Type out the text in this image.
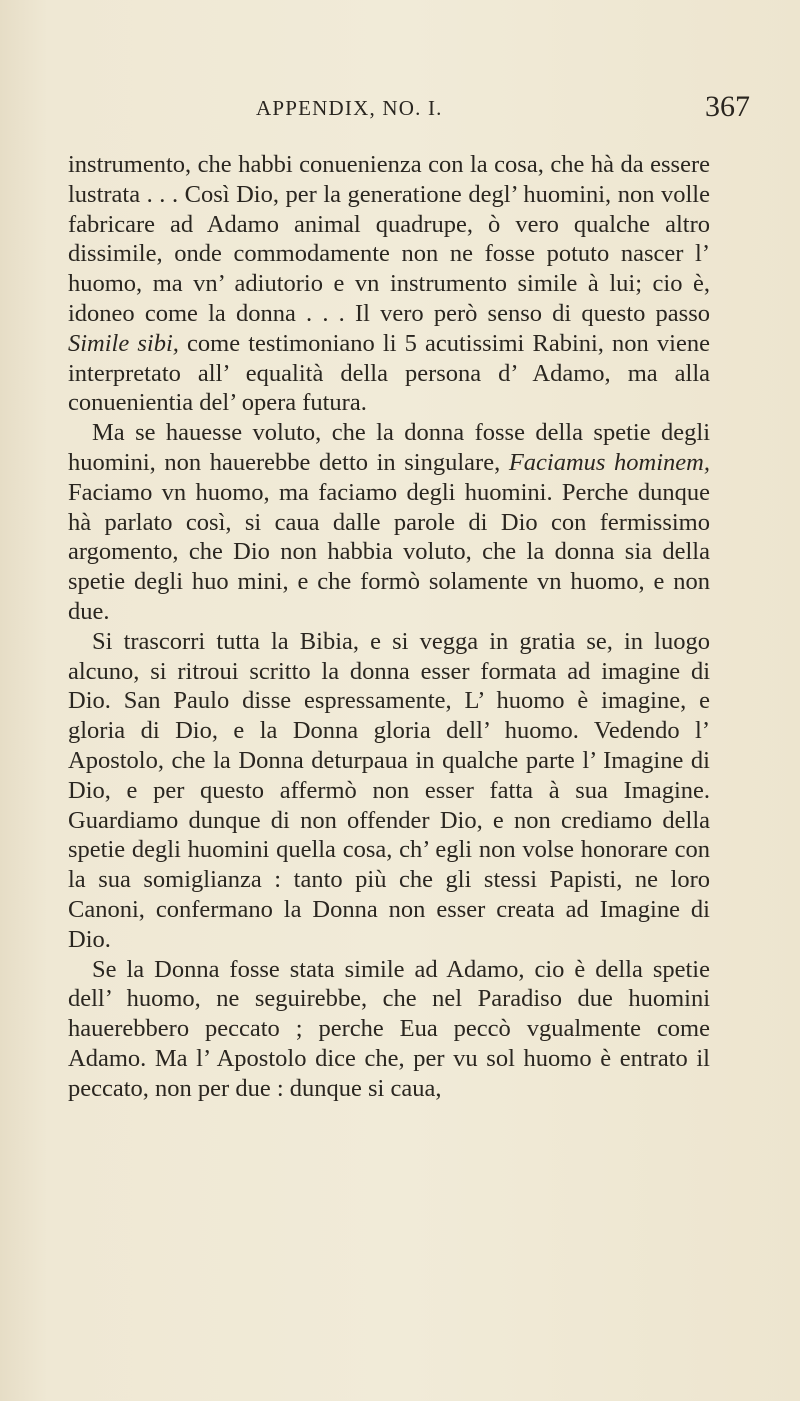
APPENDIX, NO. I.	367

instrumento, che habbi conuenienza con la cosa, che hà da essere lustrata . . . Così Dio, per la generatione degl’ huomini, non volle fabricare ad Adamo animal quadrupe, ò vero qualche altro dissimile, onde commodamente non ne fosse potuto nascer l’ huomo, ma vn’ adiutorio e vn instrumento simile à lui; cio è, idoneo come la donna . . . Il vero però senso di questo passo Simile sibi, come testimoniano li 5 acutissimi Rabini, non viene interpretato all’ equalità della persona d’ Adamo, ma alla conuenientia del’ opera futura.

Ma se hauesse voluto, che la donna fosse della spetie degli huomini, non hauerebbe detto in singulare, Faciamus hominem, Faciamo vn huomo, ma faciamo degli huomini. Perche dunque hà parlato così, si caua dalle parole di Dio con fermissimo argomento, che Dio non habbia voluto, che la donna sia della spetie degli huo mini, e che formò solamente vn huomo, e non due.

Si trascorri tutta la Bibia, e si vegga in gratia se, in luogo alcuno, si ritroui scritto la donna esser formata ad imagine di Dio. San Paulo disse espressamente, L’ huomo è imagine, e gloria di Dio, e la Donna gloria dell’ huomo. Vedendo l’ Apostolo, che la Donna deturpaua in qualche parte l’ Imagine di Dio, e per questo affermò non esser fatta à sua Imagine. Guardiamo dunque di non offender Dio, e non crediamo della spetie degli huomini quella cosa, ch’ egli non volse honorare con la sua somiglianza : tanto più che gli stessi Papisti, ne loro Canoni, confermano la Donna non esser creata ad Imagine di Dio.

Se la Donna fosse stata simile ad Adamo, cio è della spetie dell’ huomo, ne seguirebbe, che nel Paradiso due huomini hauerebbero peccato ; perche Eua peccò vgualmente come Adamo. Ma l’ Apostolo dice che, per vu sol huomo è entrato il peccato, non per due : dunque si caua,
